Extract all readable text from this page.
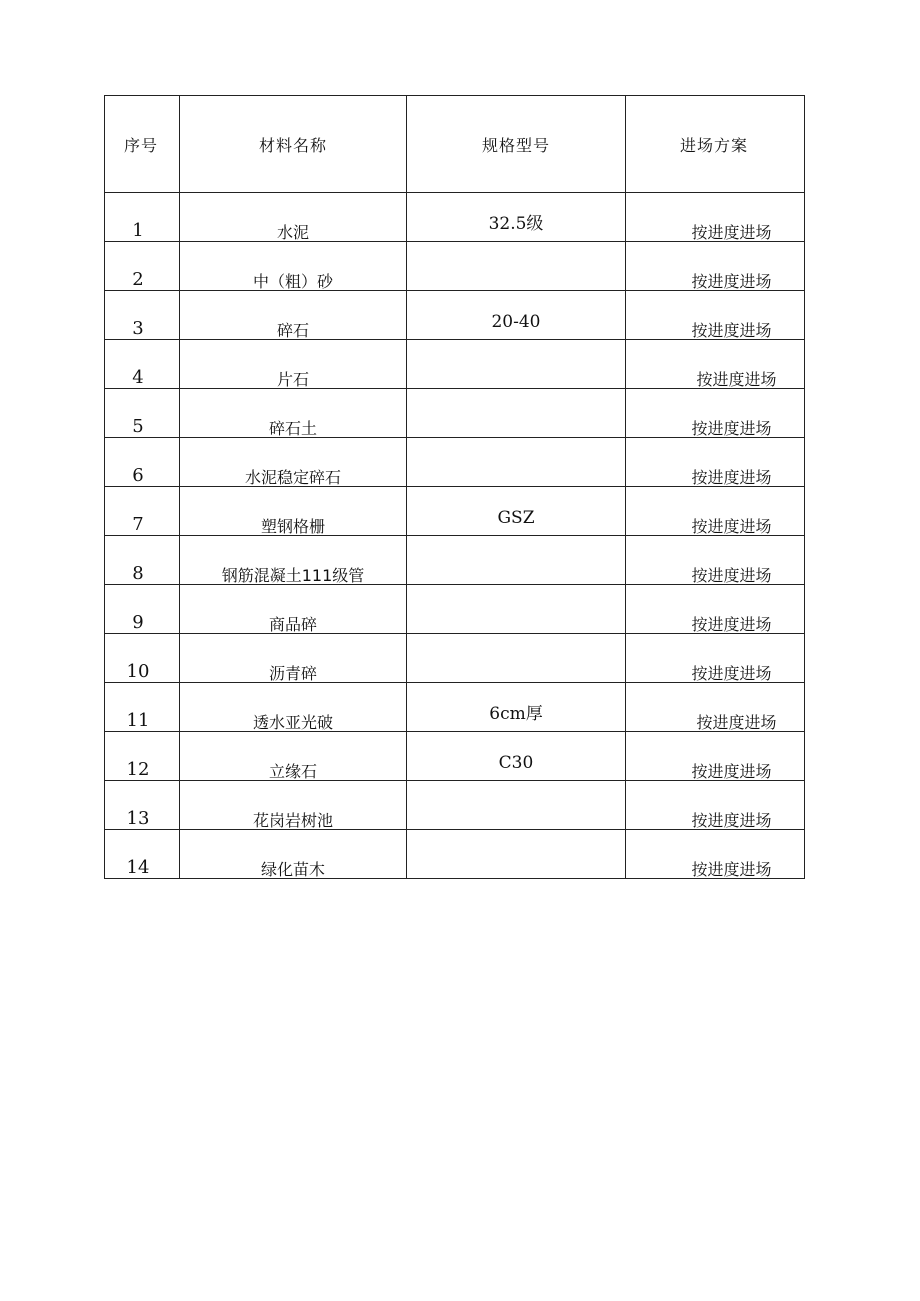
序号	材料名称	规格型号	进场方案
1	水泥	32.5级	按进度进场
2	中（粗）砂		按进度进场
3	碎石	20-40	按进度进场
4	片石		按进度进场
5	碎石土		按进度进场
6	水泥稳定碎石		按进度进场
7	塑钢格栅	GSZ	按进度进场
8	钢筋混凝土111级管		按进度进场
9	商品碎		按进度进场
10	沥青碎		按进度进场
11	透水亚光破	6cm厚	按进度进场
12	立缘石	C30	按进度进场
13	花岗岩树池		按进度进场
14	绿化苗木		按进度进场
